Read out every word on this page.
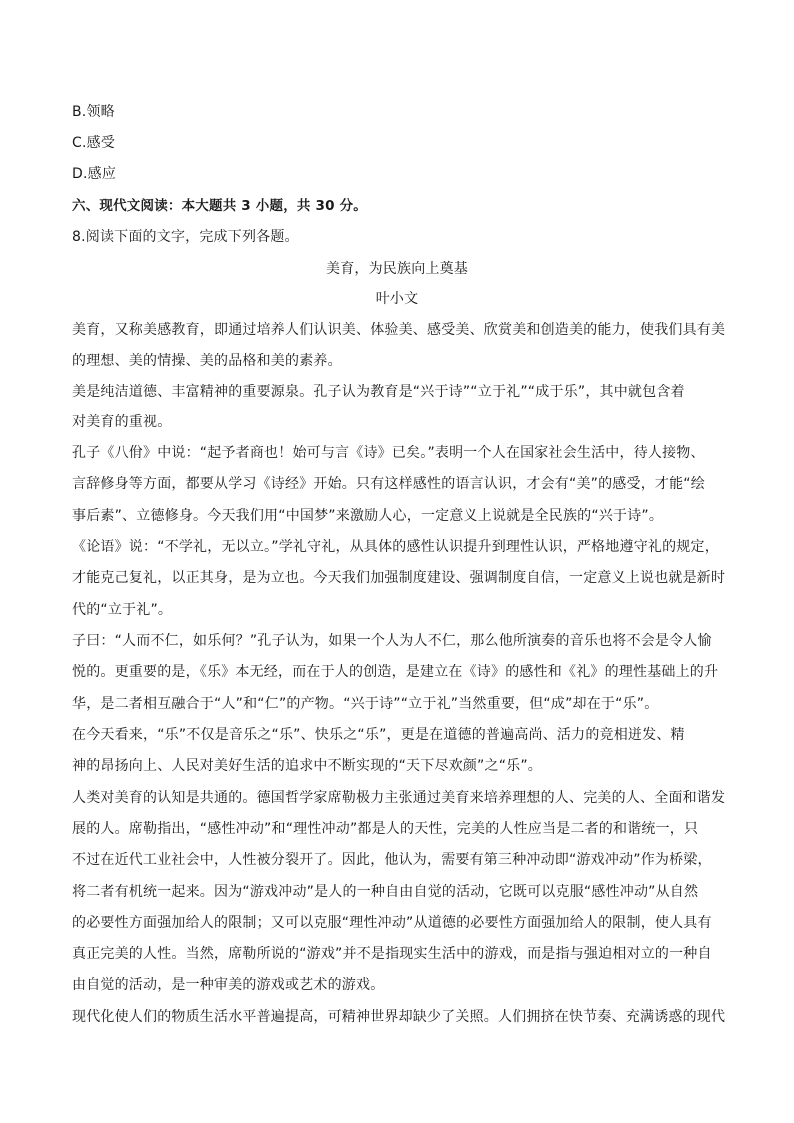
B.领略
C.感受
D.感应
六、现代文阅读：本大题共 3 小题，共 30 分。
8.阅读下面的文字，完成下列各题。
美育，为民族向上奠基
叶小文
美育，又称美感教育，即通过培养人们认识美、体验美、感受美、欣赏美和创造美的能力，使我们具有美
的理想、美的情操、美的品格和美的素养。
美是纯洁道德、丰富精神的重要源泉。孔子认为教育是“兴于诗”“立于礼”“成于乐”，其中就包含着
对美育的重视。
孔子《八佾》中说：“起予者商也！始可与言《诗》已矣。”表明一个人在国家社会生活中，待人接物、
言辞修身等方面，都要从学习《诗经》开始。只有这样感性的语言认识，才会有“美”的感受，才能“绘
事后素”、立德修身。今天我们用“中国梦”来激励人心，一定意义上说就是全民族的“兴于诗”。
《论语》说：“不学礼，无以立。”学礼守礼，从具体的感性认识提升到理性认识，严格地遵守礼的规定，
才能克己复礼，以正其身，是为立也。今天我们加强制度建设、强调制度自信，一定意义上说也就是新时
代的“立于礼”。
子曰：“人而不仁，如乐何？”孔子认为，如果一个人为人不仁，那么他所演奏的音乐也将不会是令人愉
悦的。更重要的是，《乐》本无经，而在于人的创造，是建立在《诗》的感性和《礼》的理性基础上的升
华，是二者相互融合于“人”和“仁”的产物。“兴于诗”“立于礼”当然重要，但“成”却在于“乐”。
在今天看来，“乐”不仅是音乐之“乐”、快乐之“乐”，更是在道德的普遍高尚、活力的竞相迸发、精
神的昂扬向上、人民对美好生活的追求中不断实现的“天下尽欢颜”之“乐”。
人类对美育的认知是共通的。德国哲学家席勒极力主张通过美育来培养理想的人、完美的人、全面和谐发
展的人。席勒指出，“感性冲动”和“理性冲动”都是人的天性，完美的人性应当是二者的和谐统一，只
不过在近代工业社会中，人性被分裂开了。因此，他认为，需要有第三种冲动即“游戏冲动”作为桥梁，
将二者有机统一起来。因为“游戏冲动”是人的一种自由自觉的活动，它既可以克服“感性冲动”从自然
的必要性方面强加给人的限制；又可以克服“理性冲动”从道德的必要性方面强加给人的限制，使人具有
真正完美的人性。当然，席勒所说的“游戏”并不是指现实生活中的游戏，而是指与强迫相对立的一种自
由自觉的活动，是一种审美的游戏或艺术的游戏。
现代化使人们的物质生活水平普遍提高，可精神世界却缺少了关照。人们拥挤在快节奏、充满诱惑的现代
